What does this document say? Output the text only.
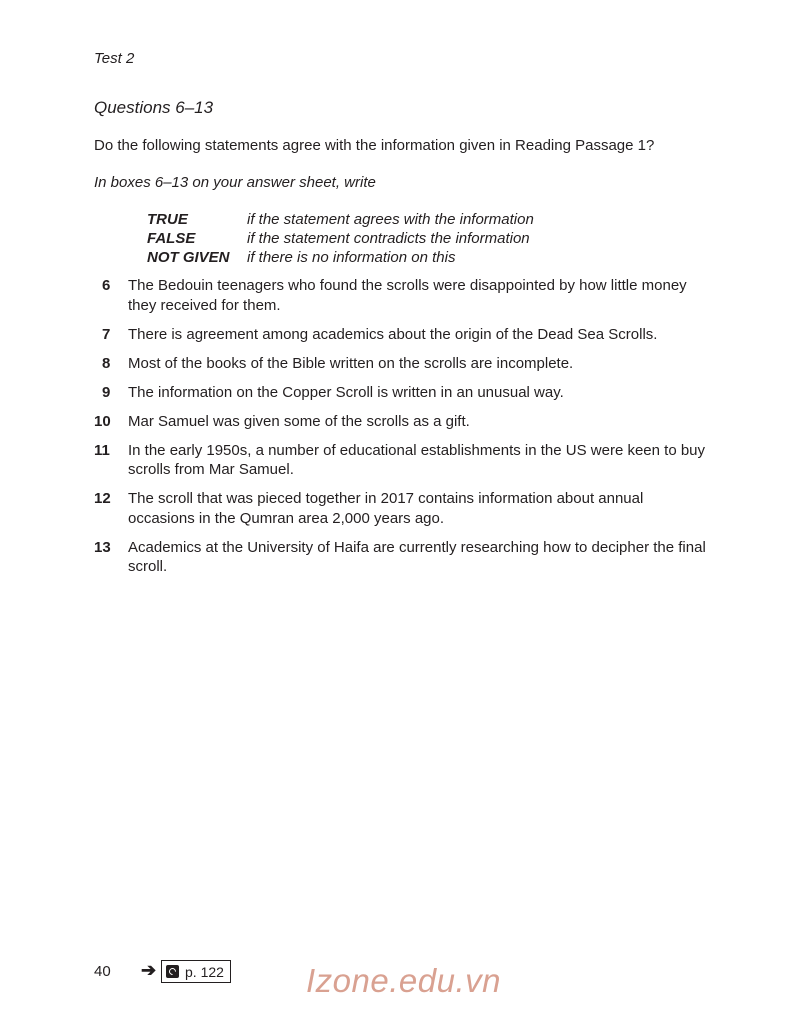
Test 2
Questions 6–13
Do the following statements agree with the information given in Reading Passage 1?
In boxes 6–13 on your answer sheet, write
TRUE	if the statement agrees with the information
FALSE	if the statement contradicts the information
NOT GIVEN	if there is no information on this
6	The Bedouin teenagers who found the scrolls were disappointed by how little money they received for them.
7	There is agreement among academics about the origin of the Dead Sea Scrolls.
8	Most of the books of the Bible written on the scrolls are incomplete.
9	The information on the Copper Scroll is written in an unusual way.
10	Mar Samuel was given some of the scrolls as a gift.
11	In the early 1950s, a number of educational establishments in the US were keen to buy scrolls from Mar Samuel.
12	The scroll that was pieced together in 2017 contains information about annual occasions in the Qumran area 2,000 years ago.
13	Academics at the University of Haifa are currently researching how to decipher the final scroll.
40 ➔ p. 122 Izone.edu.vn
